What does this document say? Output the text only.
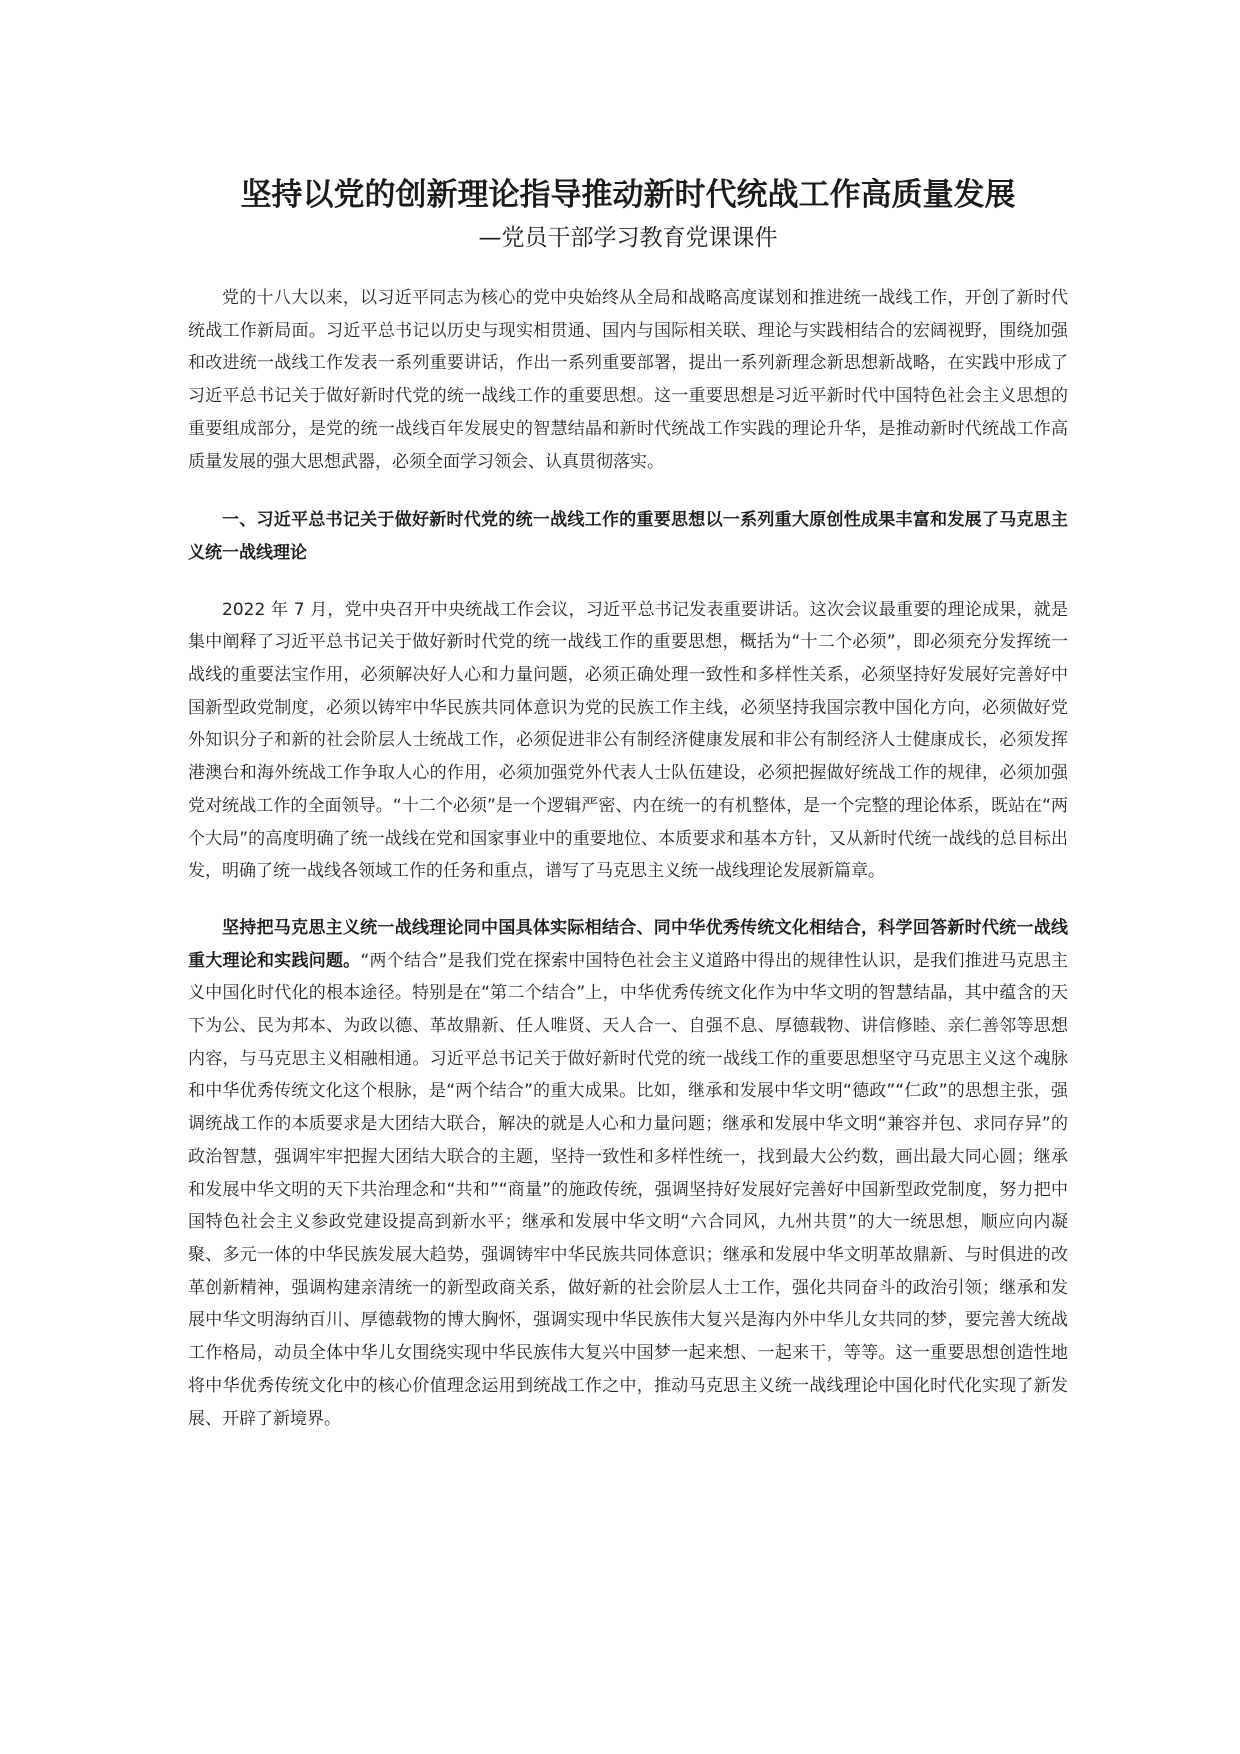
坚持以党的创新理论指导推动新时代统战工作高质量发展
—党员干部学习教育党课课件

党的十八大以来，以习近平同志为核心的党中央始终从全局和战略高度谋划和推进统一战线工作，开创了新时代统战工作新局面。习近平总书记以历史与现实相贯通、国内与国际相关联、理论与实践相结合的宏阔视野，围绕加强和改进统一战线工作发表一系列重要讲话，作出一系列重要部署，提出一系列新理念新思想新战略，在实践中形成了习近平总书记关于做好新时代党的统一战线工作的重要思想。这一重要思想是习近平新时代中国特色社会主义思想的重要组成部分，是党的统一战线百年发展史的智慧结晶和新时代统战工作实践的理论升华，是推动新时代统战工作高质量发展的强大思想武器，必须全面学习领会、认真贯彻落实。

一、习近平总书记关于做好新时代党的统一战线工作的重要思想以一系列重大原创性成果丰富和发展了马克思主义统一战线理论

2022 年 7 月，党中央召开中央统战工作会议，习近平总书记发表重要讲话。这次会议最重要的理论成果，就是集中阐释了习近平总书记关于做好新时代党的统一战线工作的重要思想，概括为“十二个必须”，即必须充分发挥统一战线的重要法宝作用，必须解决好人心和力量问题，必须正确处理一致性和多样性关系，必须坚持好发展好完善好中国新型政党制度，必须以铸牢中华民族共同体意识为党的民族工作主线，必须坚持我国宗教中国化方向，必须做好党外知识分子和新的社会阶层人士统战工作，必须促进非公有制经济健康发展和非公有制经济人士健康成长，必须发挥港澳台和海外统战工作争取人心的作用，必须加强党外代表人士队伍建设，必须把握做好统战工作的规律，必须加强党对统战工作的全面领导。“十二个必须”是一个逻辑严密、内在统一的有机整体，是一个完整的理论体系，既站在“两个大局”的高度明确了统一战线在党和国家事业中的重要地位、本质要求和基本方针，又从新时代统一战线的总目标出发，明确了统一战线各领域工作的任务和重点，谱写了马克思主义统一战线理论发展新篇章。

坚持把马克思主义统一战线理论同中国具体实际相结合、同中华优秀传统文化相结合，科学回答新时代统一战线重大理论和实践问题。“两个结合”是我们党在探索中国特色社会主义道路中得出的规律性认识，是我们推进马克思主义中国化时代化的根本途径。特别是在“第二个结合”上，中华优秀传统文化作为中华文明的智慧结晶，其中蕴含的天下为公、民为邦本、为政以德、革故鼎新、任人唯贤、天人合一、自强不息、厚德载物、讲信修睦、亲仁善邻等思想内容，与马克思主义相融相通。习近平总书记关于做好新时代党的统一战线工作的重要思想坚守马克思主义这个魂脉和中华优秀传统文化这个根脉，是“两个结合”的重大成果。比如，继承和发展中华文明“德政”“仁政”的思想主张，强调统战工作的本质要求是大团结大联合，解决的就是人心和力量问题；继承和发展中华文明“兼容并包、求同存异”的政治智慧，强调牢牢把握大团结大联合的主题，坚持一致性和多样性统一，找到最大公约数，画出最大同心圆；继承和发展中华文明的天下共治理念和“共和”“商量”的施政传统，强调坚持好发展好完善好中国新型政党制度，努力把中国特色社会主义参政党建设提高到新水平；继承和发展中华文明“六合同风，九州共贯”的大一统思想，顺应向内凝聚、多元一体的中华民族发展大趋势，强调铸牢中华民族共同体意识；继承和发展中华文明革故鼎新、与时俱进的改革创新精神，强调构建亲清统一的新型政商关系，做好新的社会阶层人士工作，强化共同奋斗的政治引领；继承和发展中华文明海纳百川、厚德载物的博大胸怀，强调实现中华民族伟大复兴是海内外中华儿女共同的梦，要完善大统战工作格局，动员全体中华儿女围绕实现中华民族伟大复兴中国梦一起来想、一起来干，等等。这一重要思想创造性地将中华优秀传统文化中的核心价值理念运用到统战工作之中，推动马克思主义统一战线理论中国化时代化实现了新发展、开辟了新境界。
